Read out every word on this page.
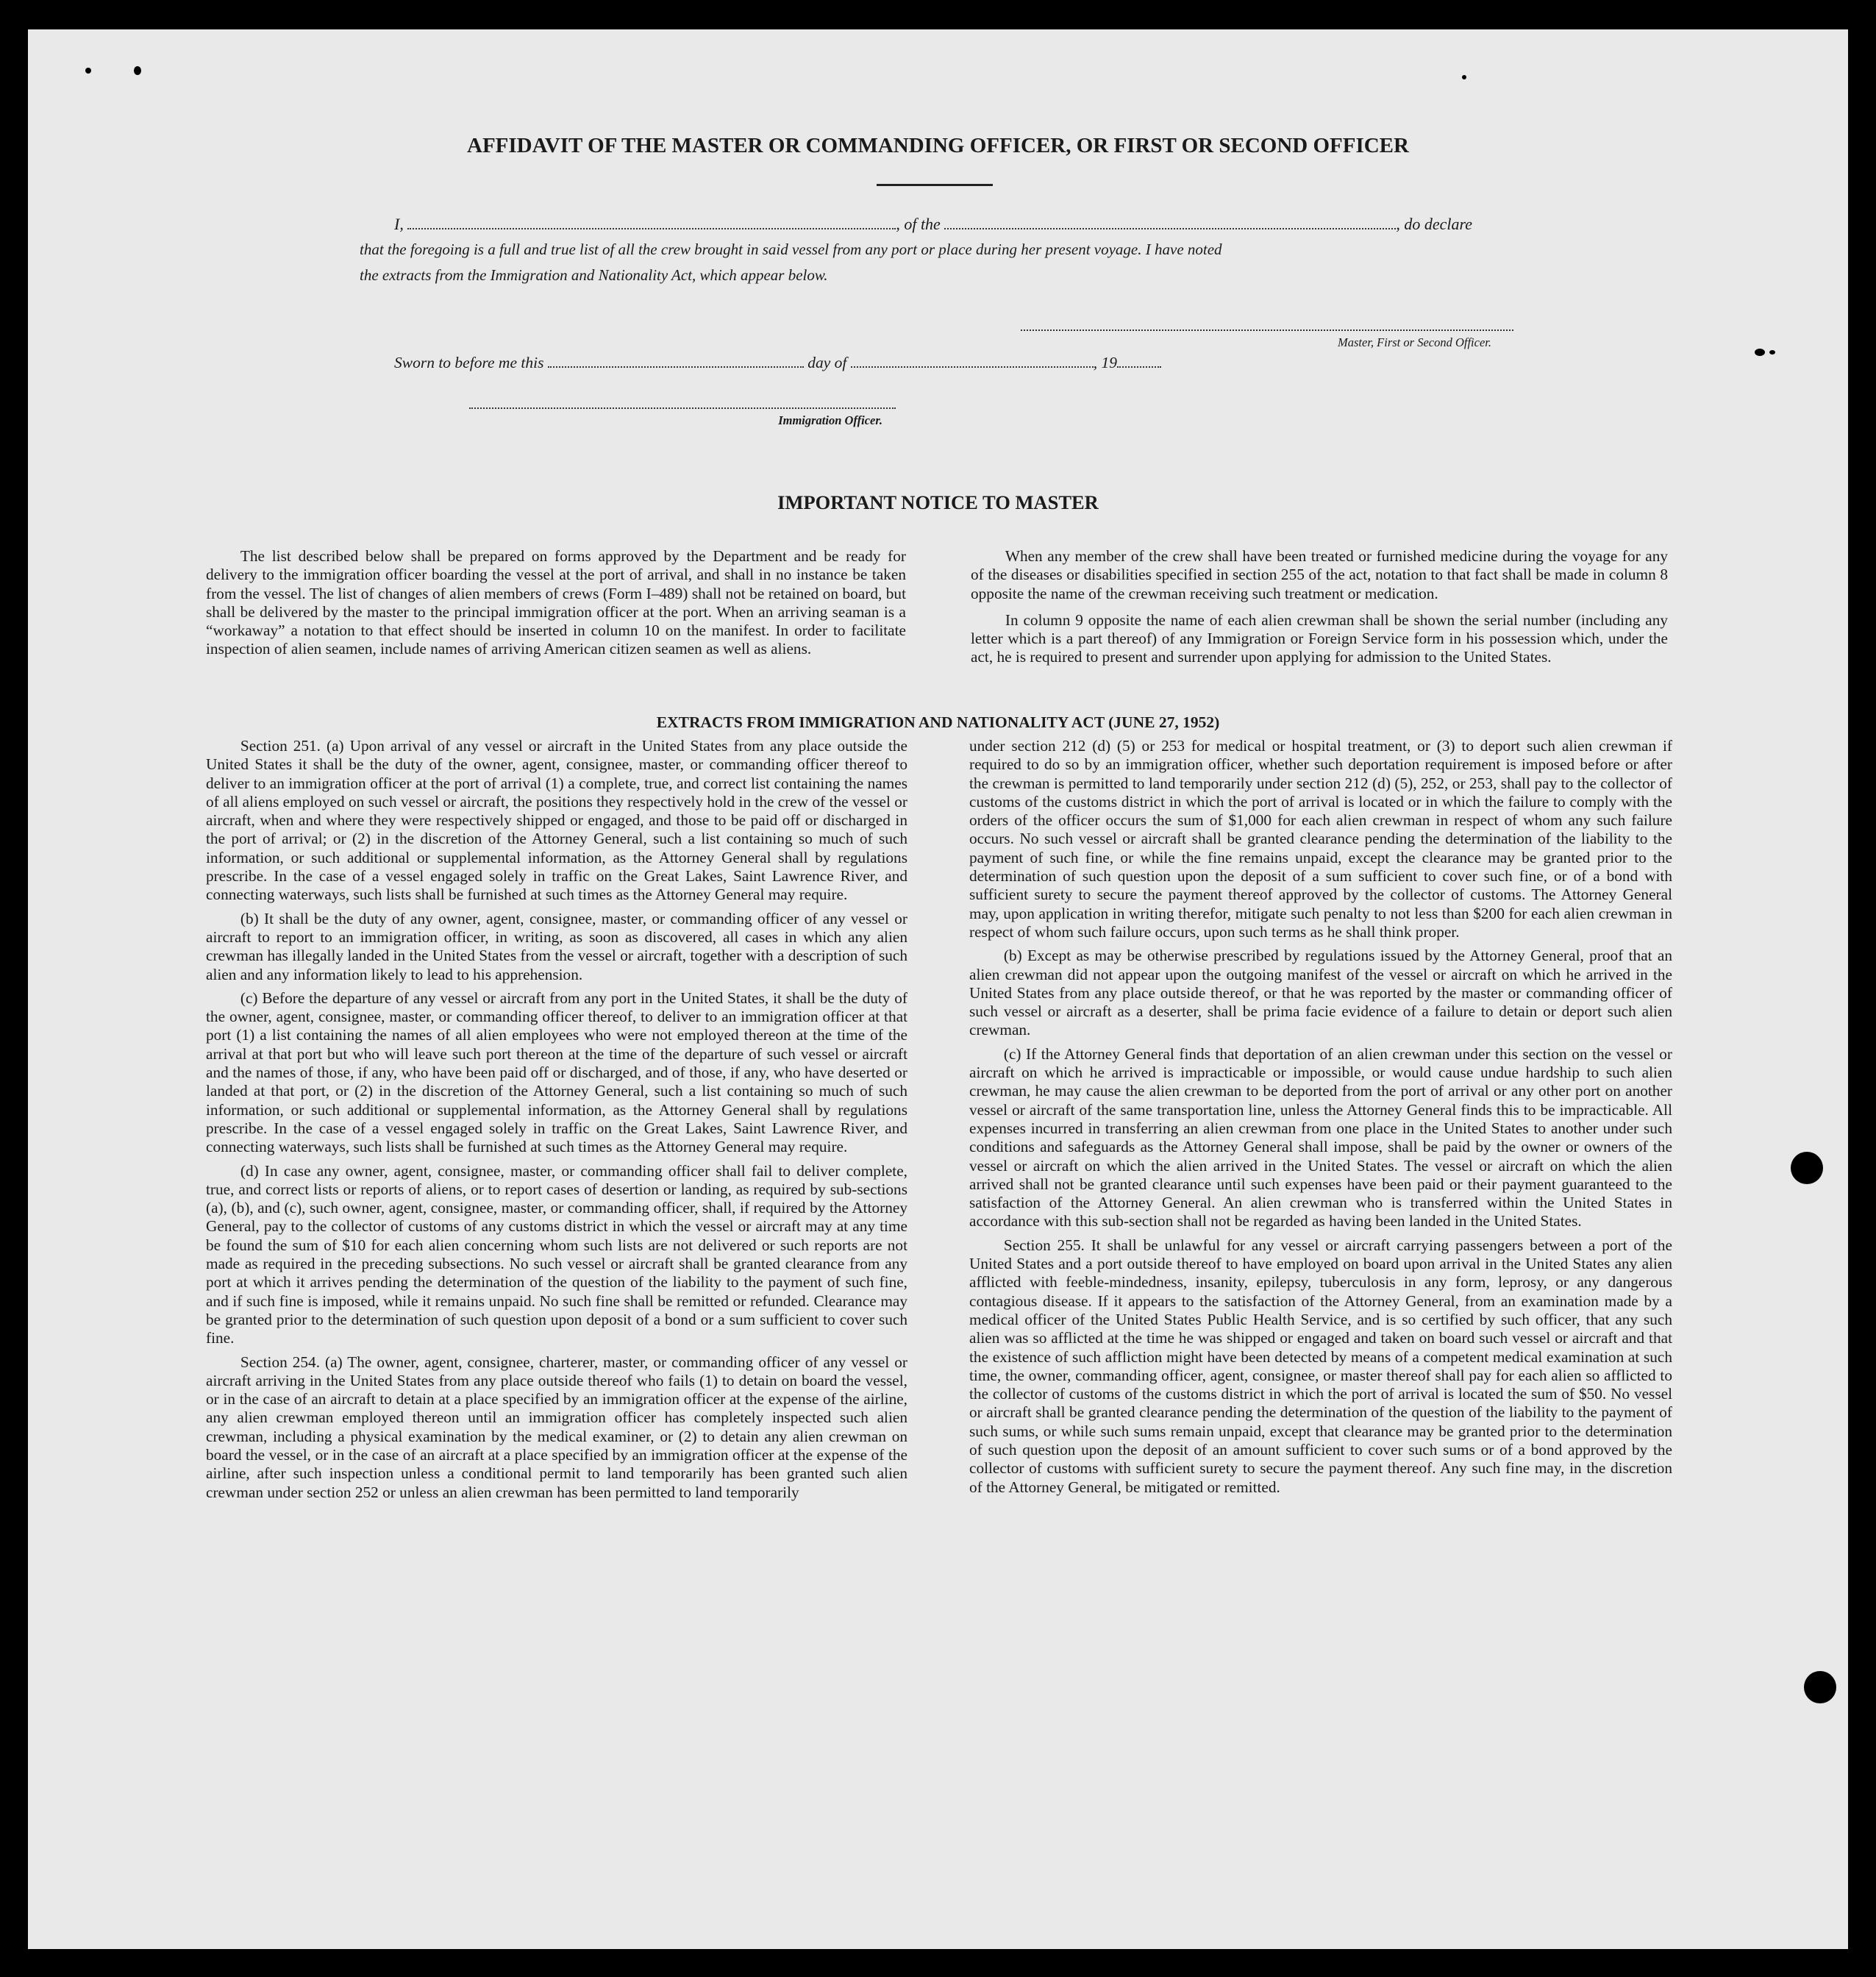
AFFIDAVIT OF THE MASTER OR COMMANDING OFFICER, OR FIRST OR SECOND OFFICER
I,	, of the	, do declare
that the foregoing is a full and true list of all the crew brought in said vessel from any port or place during her present voyage. I have noted
the extracts from the Immigration and Nationality Act, which appear below.
Master, First or Second Officer.
Sworn to before me this	day of	, 19
Immigration Officer.
IMPORTANT NOTICE TO MASTER
The list described below shall be prepared on forms approved by the Department and be ready for delivery to the immigration officer boarding the vessel at the port of arrival, and shall in no instance be taken from the vessel. The list of changes of alien members of crews (Form I–489) shall not be retained on board, but shall be delivered by the master to the principal immigration officer at the port. When an arriving seaman is a “workaway” a notation to that effect should be inserted in column 10 on the manifest. In order to facilitate inspection of alien seamen, include names of arriving American citizen seamen as well as aliens.

When any member of the crew shall have been treated or furnished medicine during the voyage for any of the diseases or disabilities specified in section 255 of the act, notation to that fact shall be made in column 8 opposite the name of the crewman receiving such treatment or medication.

In column 9 opposite the name of each alien crewman shall be shown the serial number (including any letter which is a part thereof) of any Immigration or Foreign Service form in his possession which, under the act, he is required to present and surrender upon applying for admission to the United States.

EXTRACTS FROM IMMIGRATION AND NATIONALITY ACT (JUNE 27, 1952)

Section 251. (a) Upon arrival of any vessel or aircraft in the United States from any place outside the United States it shall be the duty of the owner, agent, consignee, master, or commanding officer thereof to deliver to an immigration officer at the port of arrival (1) a complete, true, and correct list containing the names of all aliens employed on such vessel or aircraft, the positions they respectively hold in the crew of the vessel or aircraft, when and where they were respectively shipped or engaged, and those to be paid off or discharged in the port of arrival; or (2) in the discretion of the Attorney General, such a list containing so much of such information, or such additional or supplemental information, as the Attorney General shall by regulations prescribe. In the case of a vessel engaged solely in traffic on the Great Lakes, Saint Lawrence River, and connecting waterways, such lists shall be furnished at such times as the Attorney General may require.

(b) It shall be the duty of any owner, agent, consignee, master, or commanding officer of any vessel or aircraft to report to an immigration officer, in writing, as soon as discovered, all cases in which any alien crewman has illegally landed in the United States from the vessel or aircraft, together with a description of such alien and any information likely to lead to his apprehension.

(c) Before the departure of any vessel or aircraft from any port in the United States, it shall be the duty of the owner, agent, consignee, master, or commanding officer thereof, to deliver to an immigration officer at that port (1) a list containing the names of all alien employees who were not employed thereon at the time of the arrival at that port but who will leave such port thereon at the time of the departure of such vessel or aircraft and the names of those, if any, who have been paid off or discharged, and of those, if any, who have deserted or landed at that port, or (2) in the discretion of the Attorney General, such a list containing so much of such information, or such additional or supplemental information, as the Attorney General shall by regulations prescribe. In the case of a vessel engaged solely in traffic on the Great Lakes, Saint Lawrence River, and connecting waterways, such lists shall be furnished at such times as the Attorney General may require.

(d) In case any owner, agent, consignee, master, or commanding officer shall fail to deliver complete, true, and correct lists or reports of aliens, or to report cases of desertion or landing, as required by sub-sections (a), (b), and (c), such owner, agent, consignee, master, or commanding officer, shall, if required by the Attorney General, pay to the collector of customs of any customs district in which the vessel or aircraft may at any time be found the sum of $10 for each alien concerning whom such lists are not delivered or such reports are not made as required in the preceding subsections. No such vessel or aircraft shall be granted clearance from any port at which it arrives pending the determination of the question of the liability to the payment of such fine, and if such fine is imposed, while it remains unpaid. No such fine shall be remitted or refunded. Clearance may be granted prior to the determination of such question upon deposit of a bond or a sum sufficient to cover such fine.

Section 254. (a) The owner, agent, consignee, charterer, master, or commanding officer of any vessel or aircraft arriving in the United States from any place outside thereof who fails (1) to detain on board the vessel, or in the case of an aircraft to detain at a place specified by an immigration officer at the expense of the airline, any alien crewman employed thereon until an immigration officer has completely inspected such alien crewman, including a physical examination by the medical examiner, or (2) to detain any alien crewman on board the vessel, or in the case of an aircraft at a place specified by an immigration officer at the expense of the airline, after such inspection unless a conditional permit to land temporarily has been granted such alien crewman under section 252 or unless an alien crewman has been permitted to land temporarily

under section 212 (d) (5) or 253 for medical or hospital treatment, or (3) to deport such alien crewman if required to do so by an immigration officer, whether such deportation requirement is imposed before or after the crewman is permitted to land temporarily under section 212 (d) (5), 252, or 253, shall pay to the collector of customs of the customs district in which the port of arrival is located or in which the failure to comply with the orders of the officer occurs the sum of $1,000 for each alien crewman in respect of whom any such failure occurs. No such vessel or aircraft shall be granted clearance pending the determination of the liability to the payment of such fine, or while the fine remains unpaid, except the clearance may be granted prior to the determination of such question upon the deposit of a sum sufficient to cover such fine, or of a bond with sufficient surety to secure the payment thereof approved by the collector of customs. The Attorney General may, upon application in writing therefor, mitigate such penalty to not less than $200 for each alien crewman in respect of whom such failure occurs, upon such terms as he shall think proper.

(b) Except as may be otherwise prescribed by regulations issued by the Attorney General, proof that an alien crewman did not appear upon the outgoing manifest of the vessel or aircraft on which he arrived in the United States from any place outside thereof, or that he was reported by the master or commanding officer of such vessel or aircraft as a deserter, shall be prima facie evidence of a failure to detain or deport such alien crewman.

(c) If the Attorney General finds that deportation of an alien crewman under this section on the vessel or aircraft on which he arrived is impracticable or impossible, or would cause undue hardship to such alien crewman, he may cause the alien crewman to be deported from the port of arrival or any other port on another vessel or aircraft of the same transportation line, unless the Attorney General finds this to be impracticable. All expenses incurred in transferring an alien crewman from one place in the United States to another under such conditions and safeguards as the Attorney General shall impose, shall be paid by the owner or owners of the vessel or aircraft on which the alien arrived in the United States. The vessel or aircraft on which the alien arrived shall not be granted clearance until such expenses have been paid or their payment guaranteed to the satisfaction of the Attorney General. An alien crewman who is transferred within the United States in accordance with this sub-section shall not be regarded as having been landed in the United States.

Section 255. It shall be unlawful for any vessel or aircraft carrying passengers between a port of the United States and a port outside thereof to have employed on board upon arrival in the United States any alien afflicted with feeble-mindedness, insanity, epilepsy, tuberculosis in any form, leprosy, or any dangerous contagious disease. If it appears to the satisfaction of the Attorney General, from an examination made by a medical officer of the United States Public Health Service, and is so certified by such officer, that any such alien was so afflicted at the time he was shipped or engaged and taken on board such vessel or aircraft and that the existence of such affliction might have been detected by means of a competent medical examination at such time, the owner, commanding officer, agent, consignee, or master thereof shall pay for each alien so afflicted to the collector of customs of the customs district in which the port of arrival is located the sum of $50. No vessel or aircraft shall be granted clearance pending the determination of the question of the liability to the payment of such sums, or while such sums remain unpaid, except that clearance may be granted prior to the determination of such question upon the deposit of an amount sufficient to cover such sums or of a bond approved by the collector of customs with sufficient surety to secure the payment thereof. Any such fine may, in the discretion of the Attorney General, be mitigated or remitted.
